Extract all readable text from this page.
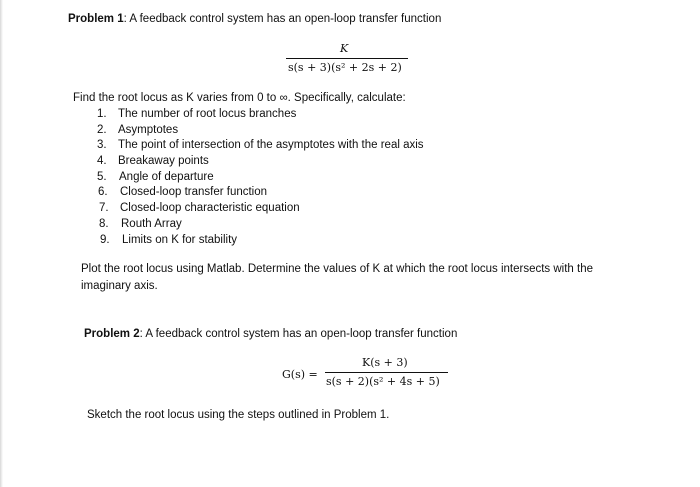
Problem 1: A feedback control system has an open-loop transfer function
K
s(s + 3)(s² + 2s + 2)
Find the root locus as K varies from 0 to ∞. Specifically, calculate:
1. The number of root locus branches
2. Asymptotes
3. The point of intersection of the asymptotes with the real axis
4. Breakaway points
5. Angle of departure
6. Closed-loop transfer function
7. Closed-loop characteristic equation
8. Routh Array
9. Limits on K for stability
Plot the root locus using Matlab. Determine the values of K at which the root locus intersects with the
imaginary axis.
Problem 2: A feedback control system has an open-loop transfer function
G(s) =
K(s + 3)
s(s + 2)(s² + 4s + 5)
Sketch the root locus using the steps outlined in Problem 1.
